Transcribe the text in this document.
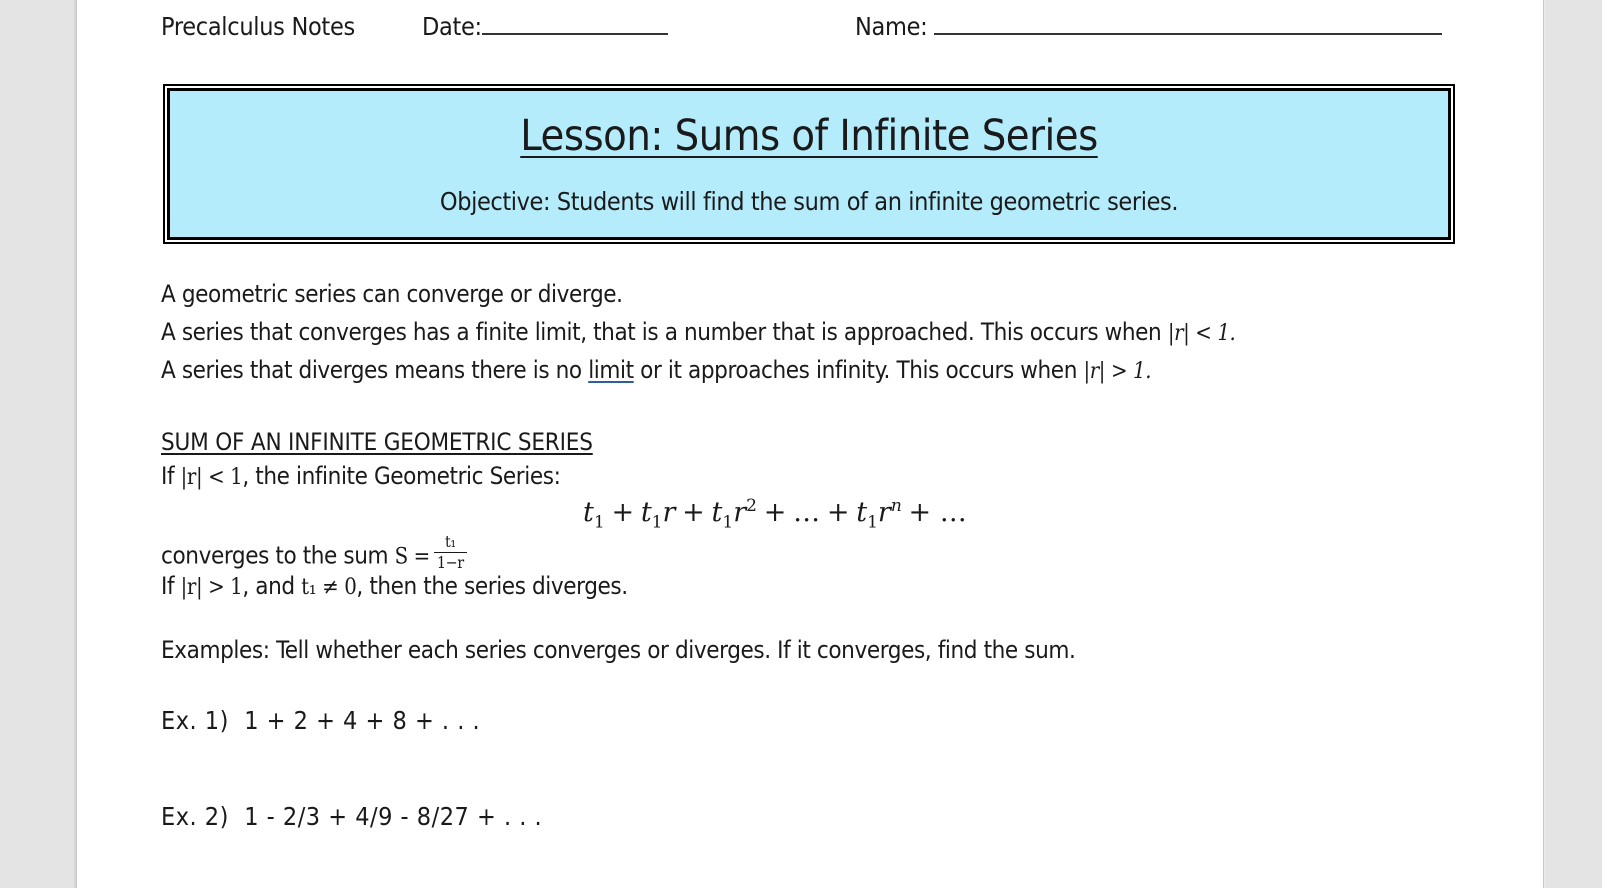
Precalculus Notes	Date:	Name:
Lesson: Sums of Infinite Series
Objective: Students will find the sum of an infinite geometric series.
A geometric series can converge or diverge.
A series that converges has a finite limit, that is a number that is approached. This occurs when |r| < 1.
A series that diverges means there is no limit or it approaches infinity. This occurs when |r| > 1.
SUM OF AN INFINITE GEOMETRIC SERIES
If |r| < 1, the infinite Geometric Series:
$t_1 + t_1r + t_1r^2$ + … + $t_1r^n$ + …
converges to the sum $S = \frac{\text{t₁}}{1-r}$
If |r| > 1, and t₁ ≠ 0, then the series diverges.
Examples: Tell whether each series converges or diverges. If it converges, find the sum.
Ex. 1) 1 + 2 + 4 + 8 + . . .
Ex. 2) 1 - 2/3 + 4/9 - 8/27 + . . .
